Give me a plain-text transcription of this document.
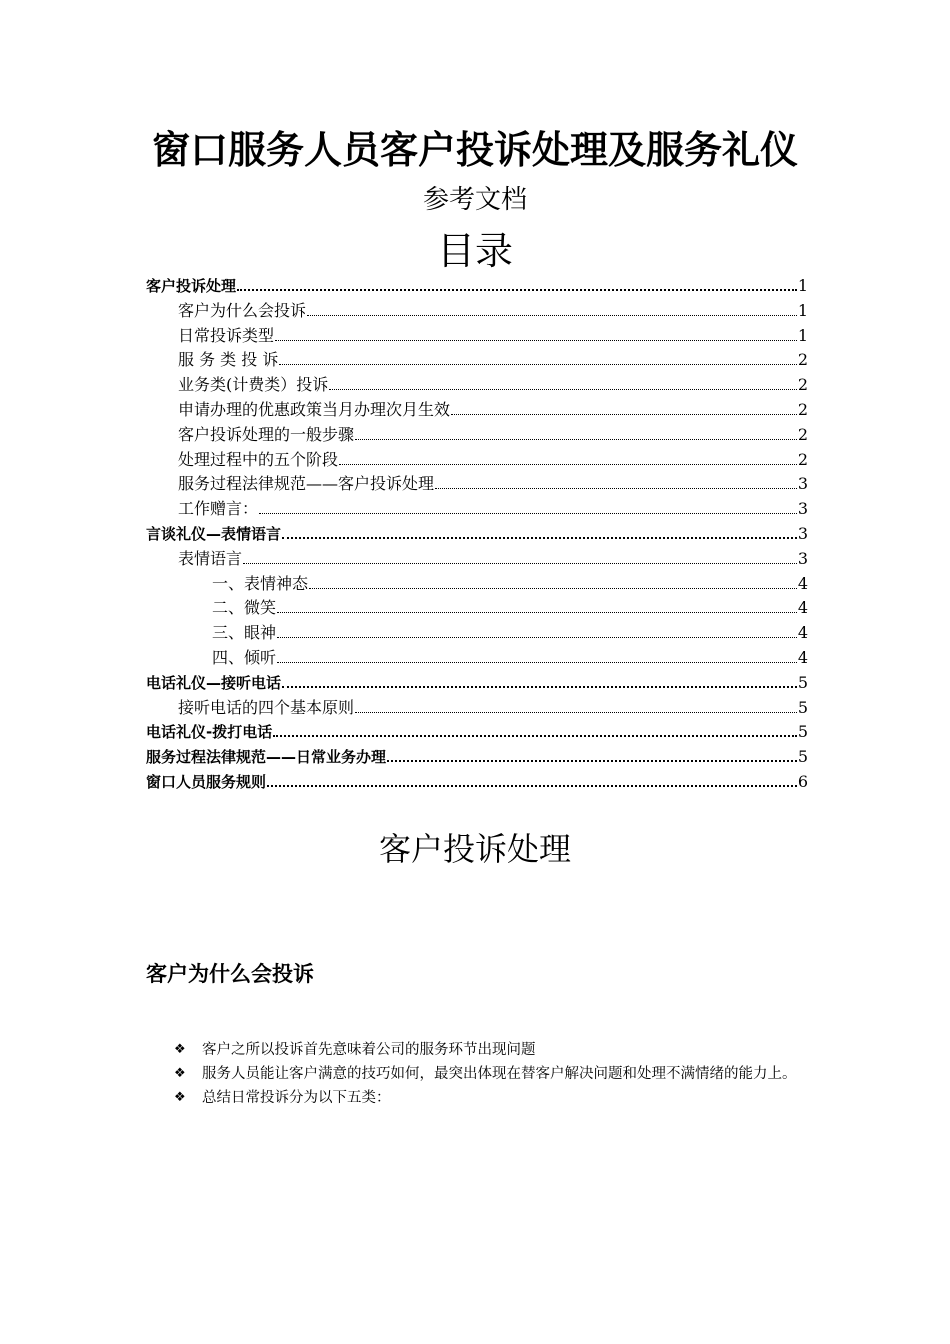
窗口服务人员客户投诉处理及服务礼仪
参考文档
目录
客户投诉处理	1
客户为什么会投诉	1
日常投诉类型	1
服 务 类 投 诉	2
业务类(计费类）投诉	2
申请办理的优惠政策当月办理次月生效	2
客户投诉处理的一般步骤	2
处理过程中的五个阶段	2
服务过程法律规范——客户投诉处理	3
工作赠言：	3
言谈礼仪—表情语言	3
表情语言	3
一、表情神态	4
二、微笑	4
三、眼神	4
四、倾听	4
电话礼仪—接听电话	5
接听电话的四个基本原则	5
电话礼仪-拨打电话	5
服务过程法律规范——日常业务办理	5
窗口人员服务规则	6
客户投诉处理
客户为什么会投诉
❖ 客户之所以投诉首先意味着公司的服务环节出现问题
❖ 服务人员能让客户满意的技巧如何，最突出体现在替客户解决问题和处理不满情绪的能力上。
❖ 总结日常投诉分为以下五类：
